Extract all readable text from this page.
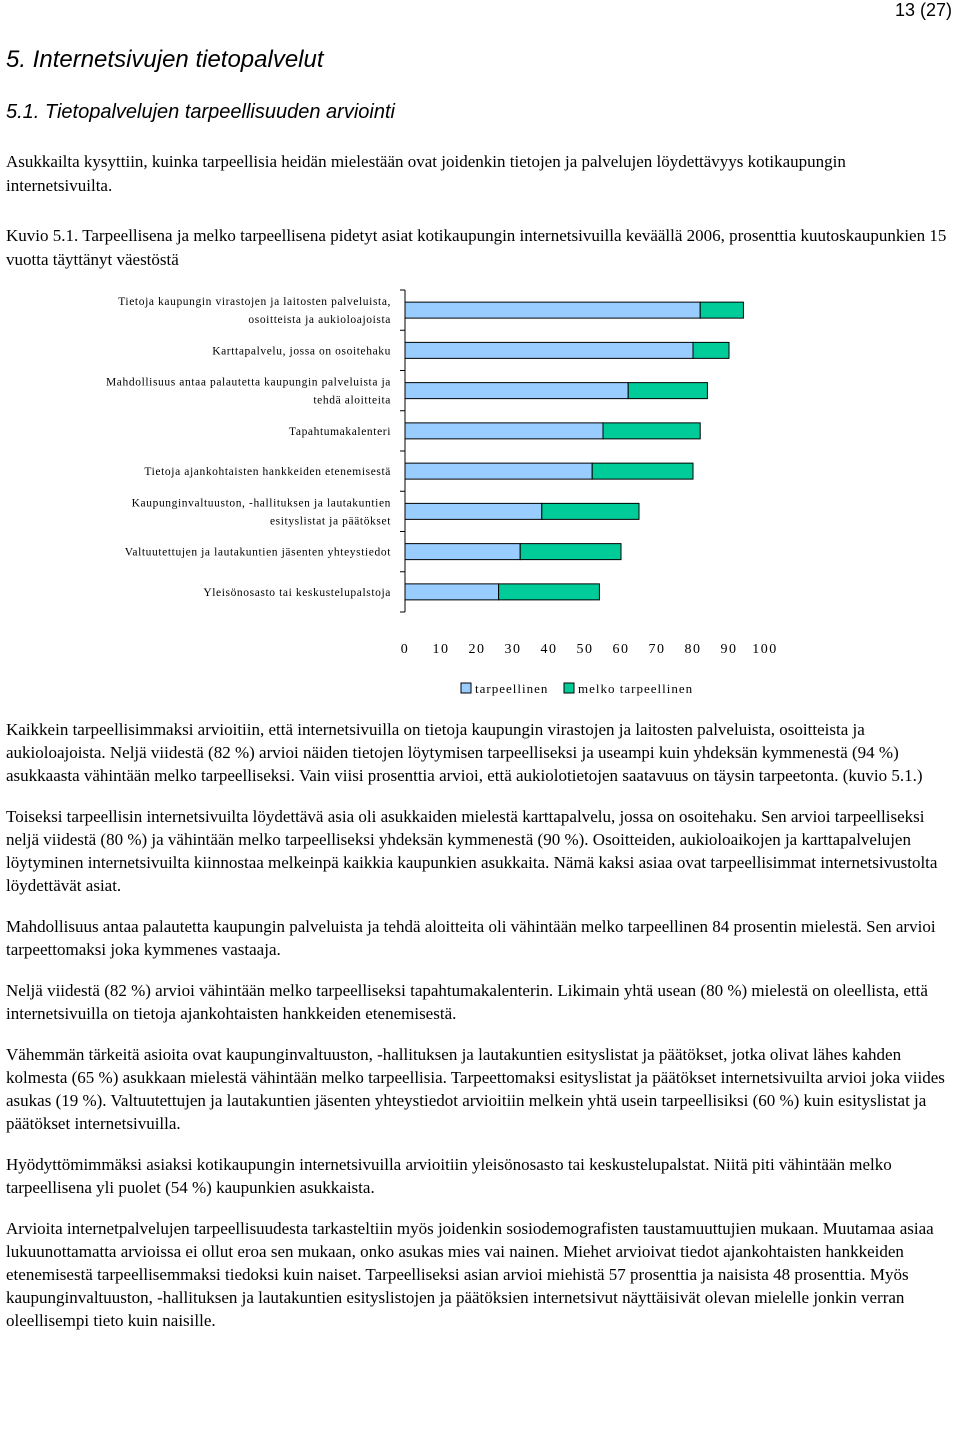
13 (27)
5. Internetsivujen tietopalvelut
5.1. Tietopalvelujen tarpeellisuuden arviointi
Asukkailta kysyttiin, kuinka tarpeellisia heidän mielestään ovat joidenkin tietojen ja palvelujen löydettävyys kotikaupungin internetsivuilta.
Kuvio 5.1. Tarpeellisena ja melko tarpeellisena pidetyt asiat kotikaupungin internetsivuilla keväällä 2006, prosenttia kuutoskaupunkien 15 vuotta täyttänyt väestöstä
Tietoja kaupungin virastojen ja laitosten palveluista,
osoitteista ja aukioloajoista
Karttapalvelu, jossa on osoitehaku
Mahdollisuus antaa palautetta kaupungin palveluista ja
tehdä aloitteita
Tapahtumakalenteri
Tietoja ajankohtaisten hankkeiden etenemisestä
Kaupunginvaltuuston, -hallituksen ja lautakuntien
esityslistat ja päätökset
Valtuutettujen ja lautakuntien jäsenten yhteystiedot
Yleisönosasto tai keskustelupalstoja
0 10 20 30 40 50 60 70 80 90 100
tarpeellinen melko tarpeellinen

Kaikkein tarpeellisimmaksi arvioitiin, että internetsivuilla on tietoja kaupungin virastojen ja laitosten palveluista, osoitteista ja aukioloajoista. Neljä viidestä (82 %) arvioi näiden tietojen löytymisen tarpeelliseksi ja useampi kuin yhdeksän kymmenestä (94 %) asukkaasta vähintään melko tarpeelliseksi. Vain viisi prosenttia arvioi, että aukiolotietojen saatavuus on täysin tarpeetonta. (kuvio 5.1.)

Toiseksi tarpeellisin internetsivuilta löydettävä asia oli asukkaiden mielestä karttapalvelu, jossa on osoitehaku. Sen arvioi tarpeelliseksi neljä viidestä (80 %) ja vähintään melko tarpeelliseksi yhdeksän kymmenestä (90 %). Osoitteiden, aukioloaikojen ja karttapalvelujen löytyminen internetsivuilta kiinnostaa melkeinpä kaikkia kaupunkien asukkaita. Nämä kaksi asiaa ovat tarpeellisimmat internetsivustolta löydettävät asiat.

Mahdollisuus antaa palautetta kaupungin palveluista ja tehdä aloitteita oli vähintään melko tarpeellinen 84 prosentin mielestä. Sen arvioi tarpeettomaksi joka kymmenes vastaaja.

Neljä viidestä (82 %) arvioi vähintään melko tarpeelliseksi tapahtumakalenterin. Likimain yhtä usean (80 %) mielestä on oleellista, että internetsivuilla on tietoja ajankohtaisten hankkeiden etenemisestä.

Vähemmän tärkeitä asioita ovat kaupunginvaltuuston, -hallituksen ja lautakuntien esityslistat ja päätökset, jotka olivat lähes kahden kolmesta (65 %) asukkaan mielestä vähintään melko tarpeellisia. Tarpeettomaksi esityslistat ja päätökset internetsivuilta arvioi joka viides asukas (19 %). Valtuutettujen ja lautakuntien jäsenten yhteystiedot arvioitiin melkein yhtä usein tarpeellisiksi (60 %) kuin esityslistat ja päätökset internetsivuilla.

Hyödyttömimmäksi asiaksi kotikaupungin internetsivuilla arvioitiin yleisönosasto tai keskustelupalstat. Niitä piti vähintään melko tarpeellisena yli puolet (54 %) kaupunkien asukkaista.

Arvioita internetpalvelujen tarpeellisuudesta tarkasteltiin myös joidenkin sosiodemografisten taustamuuttujien mukaan. Muutamaa asiaa lukuunottamatta arvioissa ei ollut eroa sen mukaan, onko asukas mies vai nainen. Miehet arvioivat tiedot ajankohtaisten hankkeiden etenemisestä tarpeellisemmaksi tiedoksi kuin naiset. Tarpeelliseksi asian arvioi miehistä 57 prosenttia ja naisista 48 prosenttia. Myös kaupunginvaltuuston, -hallituksen ja lautakuntien esityslistojen ja päätöksien internetsivut näyttäisivät olevan mielelle jonkin verran oleellisempi tieto kuin naisille.
